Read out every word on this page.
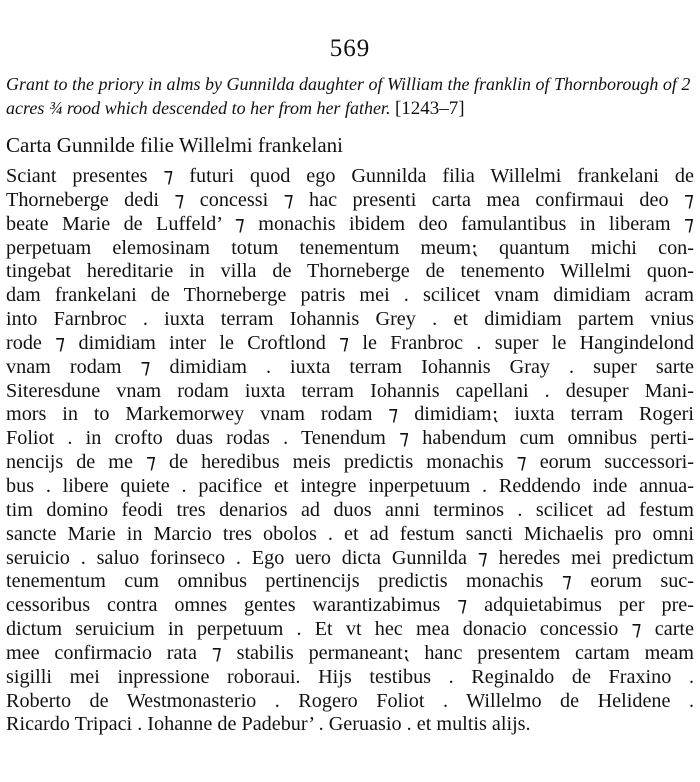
569
Grant to the priory in alms by Gunnilda daughter of William the franklin of Thornborough of 2 acres ¾ rood which descended to her from her father. [1243–7]
Carta Gunnilde filie Willelmi frankelani
Sciant presentes ⁊ futuri quod ego Gunnilda filia Willelmi frankelani de
Thorneberge dedi ⁊ concessi ⁊ hac presenti carta mea confirmaui deo ⁊
beate Marie de Luffeld’ ⁊ monachis ibidem deo famulantibus in liberam ⁊
perpetuam elemosinam totum tenementum meum⁏ quantum michi con-
tingebat hereditarie in villa de Thorneberge de tenemento Willelmi quon-
dam frankelani de Thorneberge patris mei . scilicet vnam dimidiam acram
into Farnbroc . iuxta terram Iohannis Grey . et dimidiam partem vnius
rode ⁊ dimidiam inter le Croftlond ⁊ le Franbroc . super le Hangindelond
vnam rodam ⁊ dimidiam . iuxta terram Iohannis Gray . super sarte
Siteresdune vnam rodam iuxta terram Iohannis capellani . desuper Mani-
mors in to Markemorwey vnam rodam ⁊ dimidiam⁏ iuxta terram Rogeri
Foliot . in crofto duas rodas . Tenendum ⁊ habendum cum omnibus perti-
nencijs de me ⁊ de heredibus meis predictis monachis ⁊ eorum successori-
bus . libere quiete . pacifice et integre inperpetuum . Reddendo inde annua-
tim domino feodi tres denarios ad duos anni terminos . scilicet ad festum
sancte Marie in Marcio tres obolos . et ad festum sancti Michaelis pro omni
seruicio . saluo forinseco . Ego uero dicta Gunnilda ⁊ heredes mei predictum
tenementum cum omnibus pertinencijs predictis monachis ⁊ eorum suc-
cessoribus contra omnes gentes warantizabimus ⁊ adquietabimus per pre-
dictum seruicium in perpetuum . Et vt hec mea donacio concessio ⁊ carte
mee confirmacio rata ⁊ stabilis permaneant⁏ hanc presentem cartam meam
sigilli mei inpressione roboraui. Hijs testibus . Reginaldo de Fraxino .
Roberto de Westmonasterio . Rogero Foliot . Willelmo de Helidene .
Ricardo Tripaci . Iohanne de Padebur’ . Geruasio . et multis alijs.
